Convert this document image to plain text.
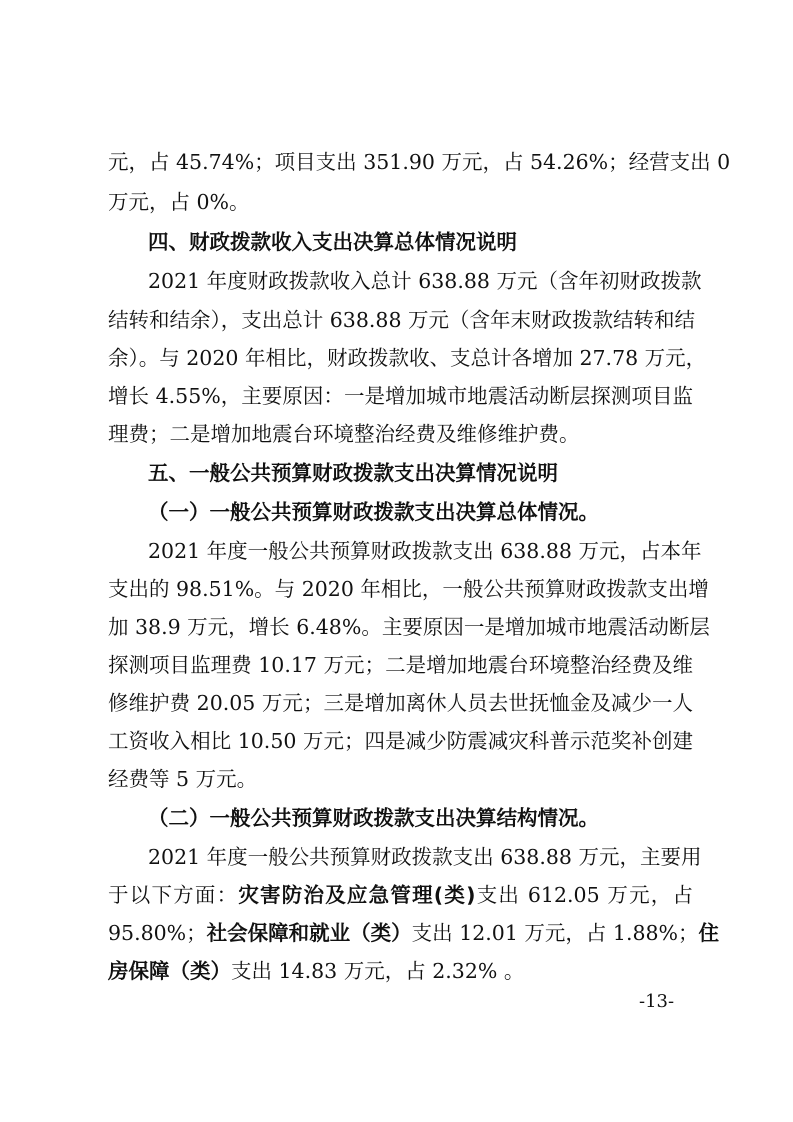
元，占 45.74%；项目支出 351.90 万元，占 54.26%；经营支出 0
万元，占 0%。
四、财政拨款收入支出决算总体情况说明
2021 年度财政拨款收入总计 638.88 万元（含年初财政拨款
结转和结余），支出总计 638.88 万元（含年末财政拨款结转和结
余）。与 2020 年相比，财政拨款收、支总计各增加 27.78 万元，
增长 4.55%，主要原因：一是增加城市地震活动断层探测项目监
理费；二是增加地震台环境整治经费及维修维护费。
五、一般公共预算财政拨款支出决算情况说明
（一）一般公共预算财政拨款支出决算总体情况。
2021 年度一般公共预算财政拨款支出 638.88 万元，占本年
支出的 98.51%。与 2020 年相比，一般公共预算财政拨款支出增
加 38.9 万元，增长 6.48%。主要原因一是增加城市地震活动断层
探测项目监理费 10.17 万元；二是增加地震台环境整治经费及维
修维护费 20.05 万元；三是增加离休人员去世抚恤金及减少一人
工资收入相比 10.50 万元；四是减少防震减灾科普示范奖补创建
经费等 5 万元。
（二）一般公共预算财政拨款支出决算结构情况。
2021 年度一般公共预算财政拨款支出 638.88 万元，主要用
于以下方面：灾害防治及应急管理(类)支出 612.05 万元，占
95.80%；社会保障和就业（类）支出 12.01 万元，占 1.88%；住
房保障（类）支出 14.83 万元，占 2.32% 。
-13-
